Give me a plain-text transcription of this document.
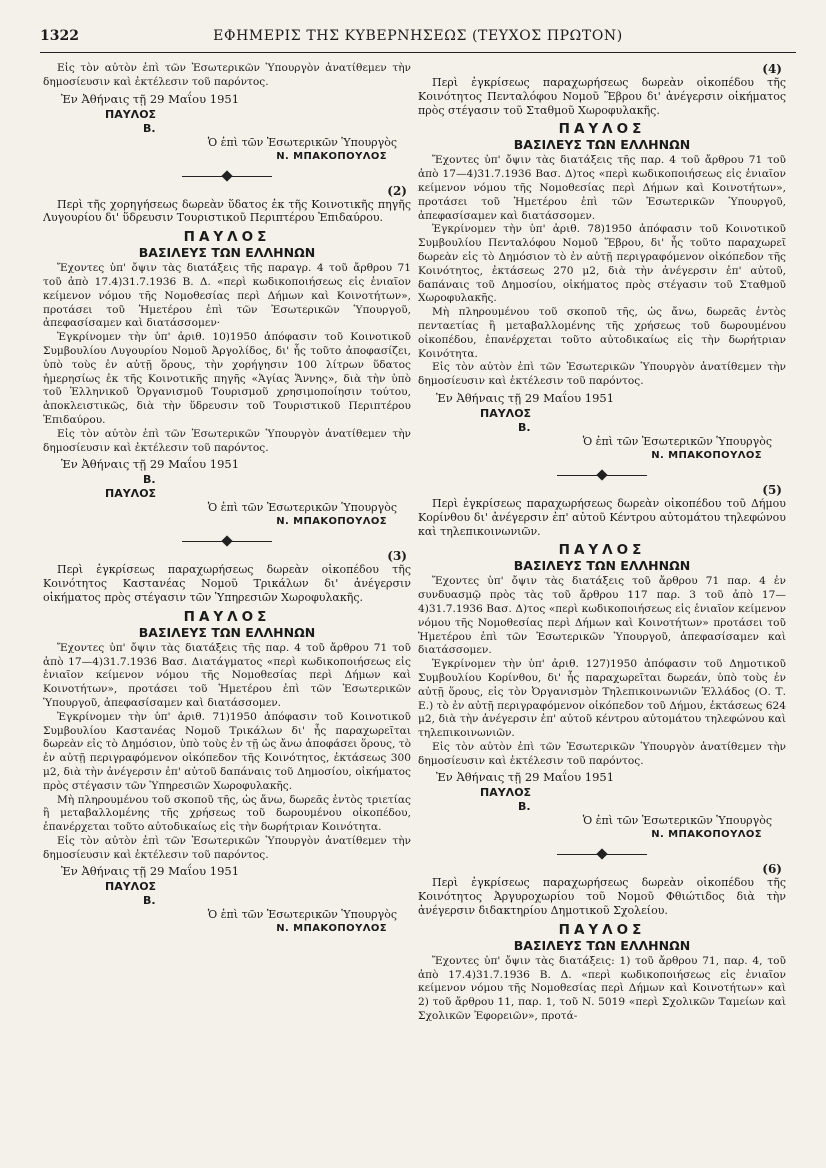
1322	ΕΦΗΜΕΡΙΣ ΤΗΣ ΚΥΒΕΡΝΗΣΕΩΣ (ΤΕΥΧΟΣ ΠΡΩΤΟΝ)

Εἰς τὸν αὐτὸν ἐπὶ τῶν Ἐσωτερικῶν Ὑπουργὸν ἀνατίθεμεν τὴν δημοσίευσιν καὶ ἐκτέλεσιν τοῦ παρόντος.

Ἐν Ἀθήναις τῇ 29 Μαΐου 1951
ΠΑΥΛΟΣ
Β.
Ὁ ἐπὶ τῶν Ἐσωτερικῶν Ὑπουργὸς
Ν. ΜΠΑΚΟΠΟΥΛΟΣ
(2)

Περὶ τῆς χορηγήσεως δωρεὰν ὕδατος ἐκ τῆς Κοινοτικῆς πηγῆς Λυγουρίου δι' ὕδρευσιν Τουριστικοῦ Περιπτέρου Ἐπιδαύρου.

ΠΑΥΛΟΣ
ΒΑΣΙΛΕΥΣ ΤΩΝ ΕΛΛΗΝΩΝ

Ἔχοντες ὑπ' ὄψιν τὰς διατάξεις τῆς παραγρ. 4 τοῦ ἄρθρου 71 τοῦ ἀπὸ 17.4)31.7.1936 Β. Δ. «περὶ κωδικοποιήσεως εἰς ἑνιαῖον κείμενον νόμου τῆς Νομοθεσίας περὶ Δήμων καὶ Κοινοτήτων», προτάσει τοῦ Ἡμετέρου ἐπὶ τῶν Ἐσωτερικῶν Ὑπουργοῦ, ἀπεφασίσαμεν καὶ διατάσσομεν·

Ἐγκρίνομεν τὴν ὑπ' ἀριθ. 10)1950 ἀπόφασιν τοῦ Κοινοτικοῦ Συμβουλίου Λυγουρίου Νομοῦ Ἀργολίδος, δι' ἧς τοῦτο ἀποφασίζει, ὑπὸ τοὺς ἐν αὐτῇ ὅρους, τὴν χορήγησιν 100 λίτρων ὕδατος ἡμερησίως ἐκ τῆς Κοινοτικῆς πηγῆς «Ἁγίας Ἄννης», διὰ τὴν ὑπὸ τοῦ Ἑλληνικοῦ Ὀργανισμοῦ Τουρισμοῦ χρησιμοποίησιν τούτου, ἀποκλειστικῶς, διὰ τὴν ὕδρευσιν τοῦ Τουριστικοῦ Περιπτέρου Ἐπιδαύρου.

Εἰς τὸν αὐτὸν ἐπὶ τῶν Ἐσωτερικῶν Ὑπουργὸν ἀνατίθεμεν τὴν δημοσίευσιν καὶ ἐκτέλεσιν τοῦ παρόντος.

Ἐν Ἀθήναις τῇ 29 Μαΐου 1951
Β.
ΠΑΥΛΟΣ
Ὁ ἐπὶ τῶν Ἐσωτερικῶν Ὑπουργὸς
Ν. ΜΠΑΚΟΠΟΥΛΟΣ
(3)

Περὶ ἐγκρίσεως παραχωρήσεως δωρεὰν οἰκοπέδου τῆς Κοινότητος Καστανέας Νομοῦ Τρικάλων δι' ἀνέγερσιν οἰκήματος πρὸς στέγασιν τῶν Ὑπηρεσιῶν Χωροφυλακῆς.

ΠΑΥΛΟΣ
ΒΑΣΙΛΕΥΣ ΤΩΝ ΕΛΛΗΝΩΝ

Ἔχοντες ὑπ' ὄψιν τὰς διατάξεις τῆς παρ. 4 τοῦ ἄρθρου 71 τοῦ ἀπὸ 17—4)31.7.1936 Βασ. Διατάγματος «περὶ κωδικοποιήσεως εἰς ἑνιαῖον κείμενον νόμου τῆς Νομοθεσίας περὶ Δήμων καὶ Κοινοτήτων», προτάσει τοῦ Ἡμετέρου ἐπὶ τῶν Ἐσωτερικῶν Ὑπουργοῦ, ἀπεφασίσαμεν καὶ διατάσσομεν.

Ἐγκρίνομεν τὴν ὑπ' ἀριθ. 71)1950 ἀπόφασιν τοῦ Κοινοτικοῦ Συμβουλίου Καστανέας Νομοῦ Τρικάλων δι' ἧς παραχωρεῖται δωρεὰν εἰς τὸ Δημόσιον, ὑπὸ τοὺς ἐν τῇ ὡς ἄνω ἀποφάσει ὅρους, τὸ ἐν αὐτῇ περιγραφόμενον οἰκόπεδον τῆς Κοινότητος, ἐκτάσεως 300 μ2, διὰ τὴν ἀνέγερσιν ἐπ' αὐτοῦ δαπάναις τοῦ Δημοσίου, οἰκήματος πρὸς στέγασιν τῶν Ὑπηρεσιῶν Χωροφυλακῆς.

Μὴ πληρουμένου τοῦ σκοποῦ τῆς, ὡς ἄνω, δωρεᾶς ἐντὸς τριετίας ἢ μεταβαλλομένης τῆς χρήσεως τοῦ δωρουμένου οἰκοπέδου, ἐπανέρχεται τοῦτο αὐτοδικαίως εἰς τὴν δωρήτριαν Κοινότητα.

Εἰς τὸν αὐτὸν ἐπὶ τῶν Ἐσωτερικῶν Ὑπουργὸν ἀνατίθεμεν τὴν δημοσίευσιν καὶ ἐκτέλεσιν τοῦ παρόντος.

Ἐν Ἀθήναις τῇ 29 Μαΐου 1951
ΠΑΥΛΟΣ
Β.
Ὁ ἐπὶ τῶν Ἐσωτερικῶν Ὑπουργὸς
Ν. ΜΠΑΚΟΠΟΥΛΟΣ
(4)

Περὶ ἐγκρίσεως παραχωρήσεως δωρεὰν οἰκοπέδου τῆς Κοινότητος Πενταλόφου Νομοῦ Ἕβρου δι' ἀνέγερσιν οἰκήματος πρὸς στέγασιν τοῦ Σταθμοῦ Χωροφυλακῆς.

ΠΑΥΛΟΣ
ΒΑΣΙΛΕΥΣ ΤΩΝ ΕΛΛΗΝΩΝ

Ἔχοντες ὑπ' ὄψιν τὰς διατάξεις τῆς παρ. 4 τοῦ ἄρθρου 71 τοῦ ἀπὸ 17—4)31.7.1936 Βασ. Δ)τος «περὶ κωδικοποιήσεως εἰς ἑνιαῖον κείμενον νόμου τῆς Νομοθεσίας περὶ Δήμων καὶ Κοινοτήτων», προτάσει τοῦ Ἡμετέρου ἐπὶ τῶν Ἐσωτερικῶν Ὑπουργοῦ, ἀπεφασίσαμεν καὶ διατάσσομεν.

Ἐγκρίνομεν τὴν ὑπ' ἀριθ. 78)1950 ἀπόφασιν τοῦ Κοινοτικοῦ Συμβουλίου Πενταλόφου Νομοῦ Ἕβρου, δι' ἧς τοῦτο παραχωρεῖ δωρεὰν εἰς τὸ Δημόσιον τὸ ἐν αὐτῇ περιγραφόμενον οἰκόπεδον τῆς Κοινότητος, ἐκτάσεως 270 μ2, διὰ τὴν ἀνέγερσιν ἐπ' αὐτοῦ, δαπάναις τοῦ Δημοσίου, οἰκήματος πρὸς στέγασιν τοῦ Σταθμοῦ Χωροφυλακῆς.

Μὴ πληρουμένου τοῦ σκοποῦ τῆς, ὡς ἄνω, δωρεᾶς ἐντὸς πενταετίας ἢ μεταβαλλομένης τῆς χρήσεως τοῦ δωρουμένου οἰκοπέδου, ἐπανέρχεται τοῦτο αὐτοδικαίως εἰς τὴν δωρήτριαν Κοινότητα.

Εἰς τὸν αὐτὸν ἐπὶ τῶν Ἐσωτερικῶν Ὑπουργὸν ἀνατίθεμεν τὴν δημοσίευσιν καὶ ἐκτέλεσιν τοῦ παρόντος.

Ἐν Ἀθήναις τῇ 29 Μαΐου 1951
ΠΑΥΛΟΣ
Β.
Ὁ ἐπὶ τῶν Ἐσωτερικῶν Ὑπουργὸς
Ν. ΜΠΑΚΟΠΟΥΛΟΣ
(5)

Περὶ ἐγκρίσεως παραχωρήσεως δωρεὰν οἰκοπέδου τοῦ Δήμου Κορίνθου δι' ἀνέγερσιν ἐπ' αὐτοῦ Κέντρου αὐτομάτου τηλεφώνου καὶ τηλεπικοινωνιῶν.

ΠΑΥΛΟΣ
ΒΑΣΙΛΕΥΣ ΤΩΝ ΕΛΛΗΝΩΝ

Ἔχοντες ὑπ' ὄψιν τὰς διατάξεις τοῦ ἄρθρου 71 παρ. 4 ἐν συνδυασμῷ πρὸς τὰς τοῦ ἄρθρου 117 παρ. 3 τοῦ ἀπὸ 17—4)31.7.1936 Βασ. Δ)τος «περὶ κωδικοποιήσεως εἰς ἑνιαῖον κείμενον νόμου τῆς Νομοθεσίας περὶ Δήμων καὶ Κοινοτήτων» προτάσει τοῦ Ἡμετέρου ἐπὶ τῶν Ἐσωτερικῶν Ὑπουργοῦ, ἀπεφασίσαμεν καὶ διατάσσομεν.

Ἐγκρίνομεν τὴν ὑπ' ἀριθ. 127)1950 ἀπόφασιν τοῦ Δημοτικοῦ Συμβουλίου Κορίνθου, δι' ἧς παραχωρεῖται δωρεάν, ὑπὸ τοὺς ἐν αὐτῇ ὅρους, εἰς τὸν Ὀργανισμὸν Τηλεπικοινωνιῶν Ἑλλάδος (Ο. Τ. Ε.) τὸ ἐν αὐτῇ περιγραφόμενον οἰκόπεδον τοῦ Δήμου, ἐκτάσεως 624 μ2, διὰ τὴν ἀνέγερσιν ἐπ' αὐτοῦ κέντρου αὐτομάτου τηλεφώνου καὶ τηλεπικοινωνιῶν.

Εἰς τὸν αὐτὸν ἐπὶ τῶν Ἐσωτερικῶν Ὑπουργὸν ἀνατίθεμεν τὴν δημοσίευσιν καὶ ἐκτέλεσιν τοῦ παρόντος.

Ἐν Ἀθήναις τῇ 29 Μαΐου 1951
ΠΑΥΛΟΣ
Β.
Ὁ ἐπὶ τῶν Ἐσωτερικῶν Ὑπουργὸς
Ν. ΜΠΑΚΟΠΟΥΛΟΣ
(6)

Περὶ ἐγκρίσεως παραχωρήσεως δωρεὰν οἰκοπέδου τῆς Κοινότητος Ἀργυροχωρίου τοῦ Νομοῦ Φθιώτιδος διὰ τὴν ἀνέγερσιν διδακτηρίου Δημοτικοῦ Σχολείου.

ΠΑΥΛΟΣ
ΒΑΣΙΛΕΥΣ ΤΩΝ ΕΛΛΗΝΩΝ

Ἔχοντες ὑπ' ὄψιν τὰς διατάξεις: 1) τοῦ ἄρθρου 71, παρ. 4, τοῦ ἀπὸ 17.4)31.7.1936 Β. Δ. «περὶ κωδικοποιήσεως εἰς ἑνιαῖον κείμενον νόμου τῆς Νομοθεσίας περὶ Δήμων καὶ Κοινοτήτων» καὶ 2) τοῦ ἄρθρου 11, παρ. 1, τοῦ Ν. 5019 «περὶ Σχολικῶν Ταμείων καὶ Σχολικῶν Ἐφορειῶν», προτά-
